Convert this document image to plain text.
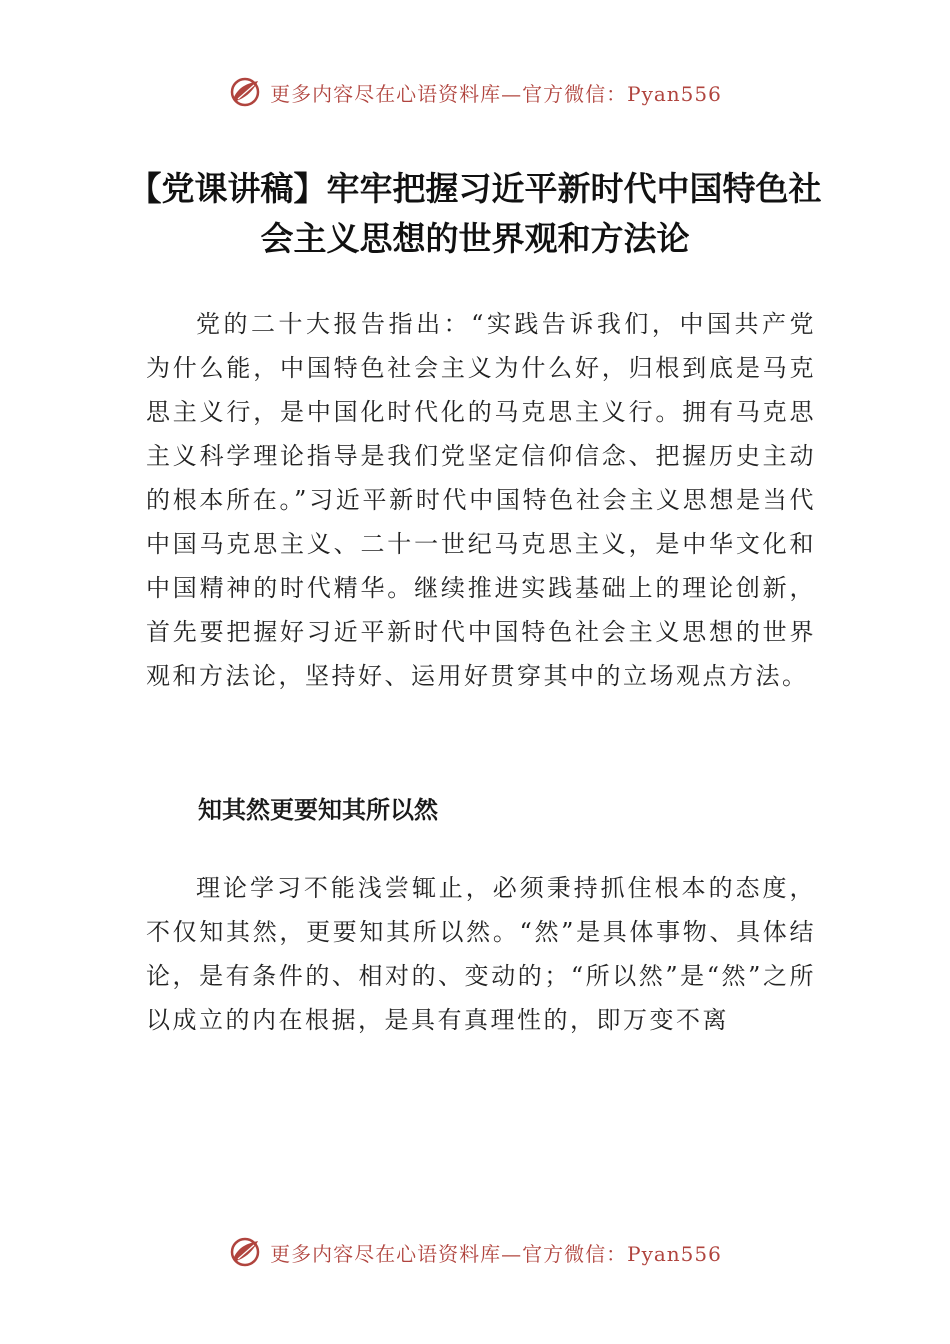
更多内容尽在心语资料库—官方微信：Pyan556
【党课讲稿】牢牢把握习近平新时代中国特色社会主义思想的世界观和方法论

党的二十大报告指出：“实践告诉我们，中国共产党为什么能，中国特色社会主义为什么好，归根到底是马克思主义行，是中国化时代化的马克思主义行。拥有马克思主义科学理论指导是我们党坚定信仰信念、把握历史主动的根本所在。”习近平新时代中国特色社会主义思想是当代中国马克思主义、二十一世纪马克思主义，是中华文化和中国精神的时代精华。继续推进实践基础上的理论创新，首先要把握好习近平新时代中国特色社会主义思想的世界观和方法论，坚持好、运用好贯穿其中的立场观点方法。

知其然更要知其所以然

理论学习不能浅尝辄止，必须秉持抓住根本的态度，不仅知其然，更要知其所以然。“然”是具体事物、具体结论，是有条件的、相对的、变动的；“所以然”是“然”之所以成立的内在根据，是具有真理性的，即万变不离

更多内容尽在心语资料库—官方微信：Pyan556
